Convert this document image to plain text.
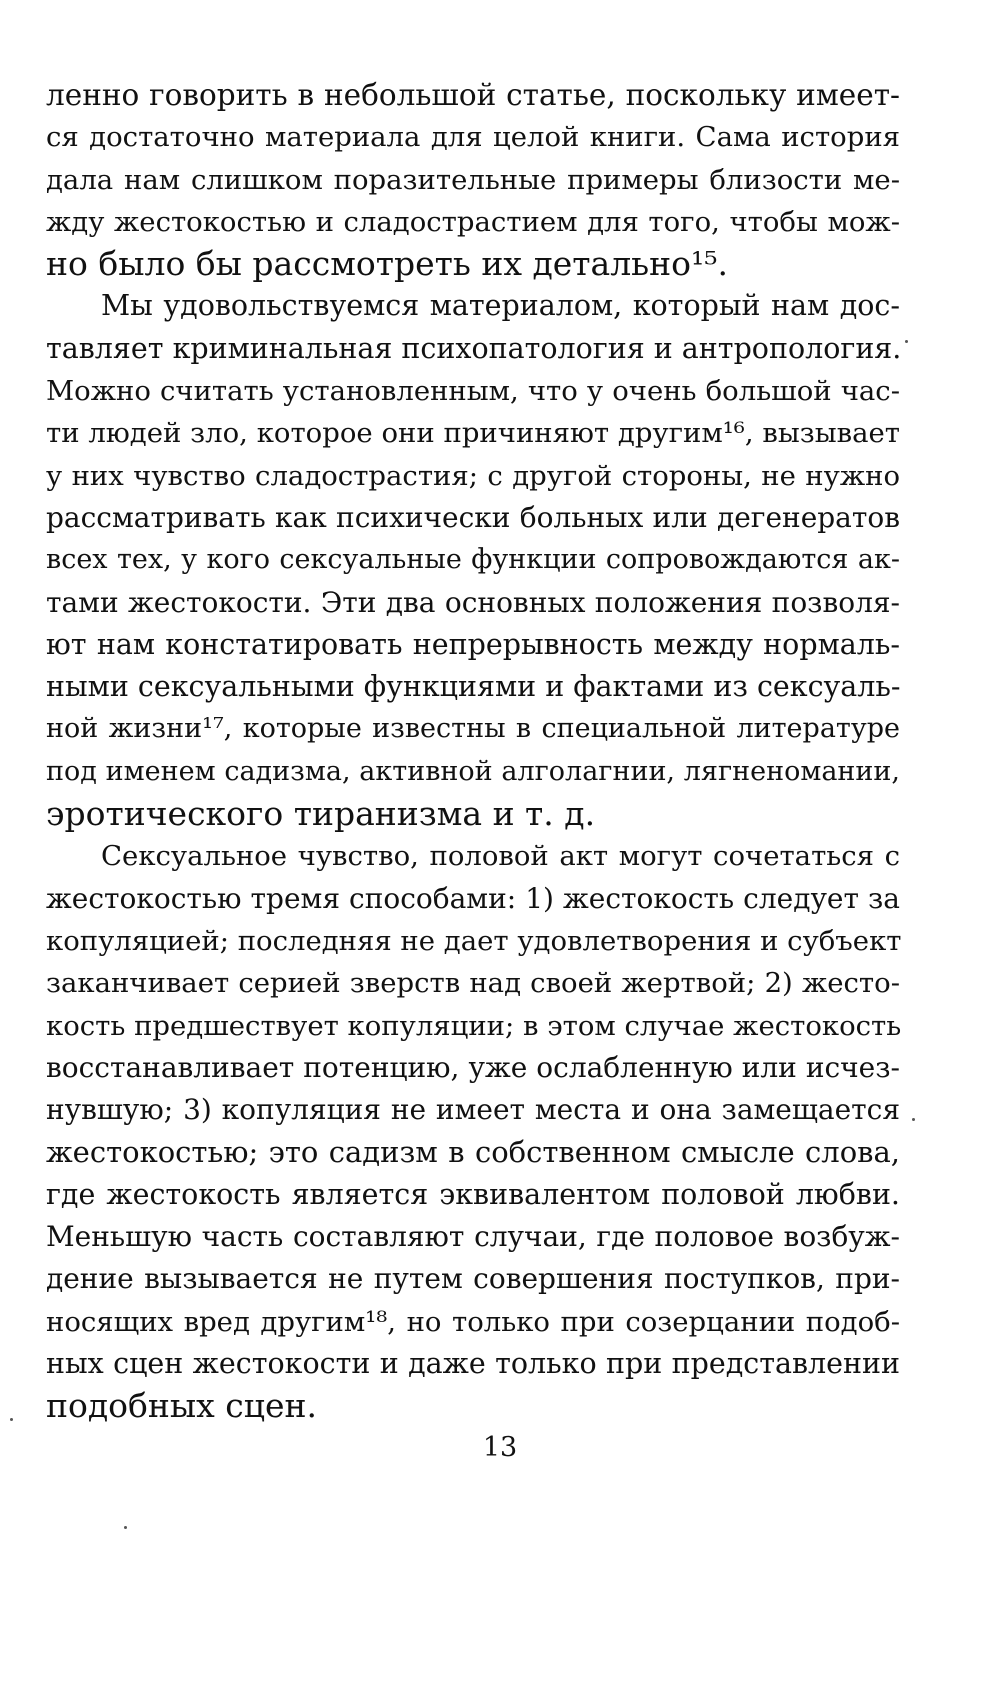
ленно говорить в небольшой статье, поскольку имеет-
ся достаточно материала для целой книги. Сама история
дала нам слишком поразительные примеры близости ме-
жду жестокостью и сладострастием для того, чтобы мож-
но было бы рассмотреть их детально¹⁵.
Мы удовольствуемся материалом, который нам дос-
тавляет криминальная психопатология и антропология.
Можно считать установленным, что у очень большой час-
ти людей зло, которое они причиняют другим¹⁶, вызывает
у них чувство сладострастия; с другой стороны, не нужно
рассматривать как психически больных или дегенератов
всех тех, у кого сексуальные функции сопровождаются ак-
тами жестокости. Эти два основных положения позволя-
ют нам констатировать непрерывность между нормаль-
ными сексуальными функциями и фактами из сексуаль-
ной жизни¹⁷, которые известны в специальной литературе
под именем садизма, активной алголагнии, лягненомании,
эротического тиранизма и т. д.
Сексуальное чувство, половой акт могут сочетаться с
жестокостью тремя способами: 1) жестокость следует за
копуляцией; последняя не дает удовлетворения и субъект
заканчивает серией зверств над своей жертвой; 2) жесто-
кость предшествует копуляции; в этом случае жестокость
восстанавливает потенцию, уже ослабленную или исчез-
нувшую; 3) копуляция не имеет места и она замещается
жестокостью; это садизм в собственном смысле слова,
где жестокость является эквивалентом половой любви.
Меньшую часть составляют случаи, где половое возбуж-
дение вызывается не путем совершения поступков, при-
носящих вред другим¹⁸, но только при созерцании подоб-
ных сцен жестокости и даже только при представлении
подобных сцен.
13
